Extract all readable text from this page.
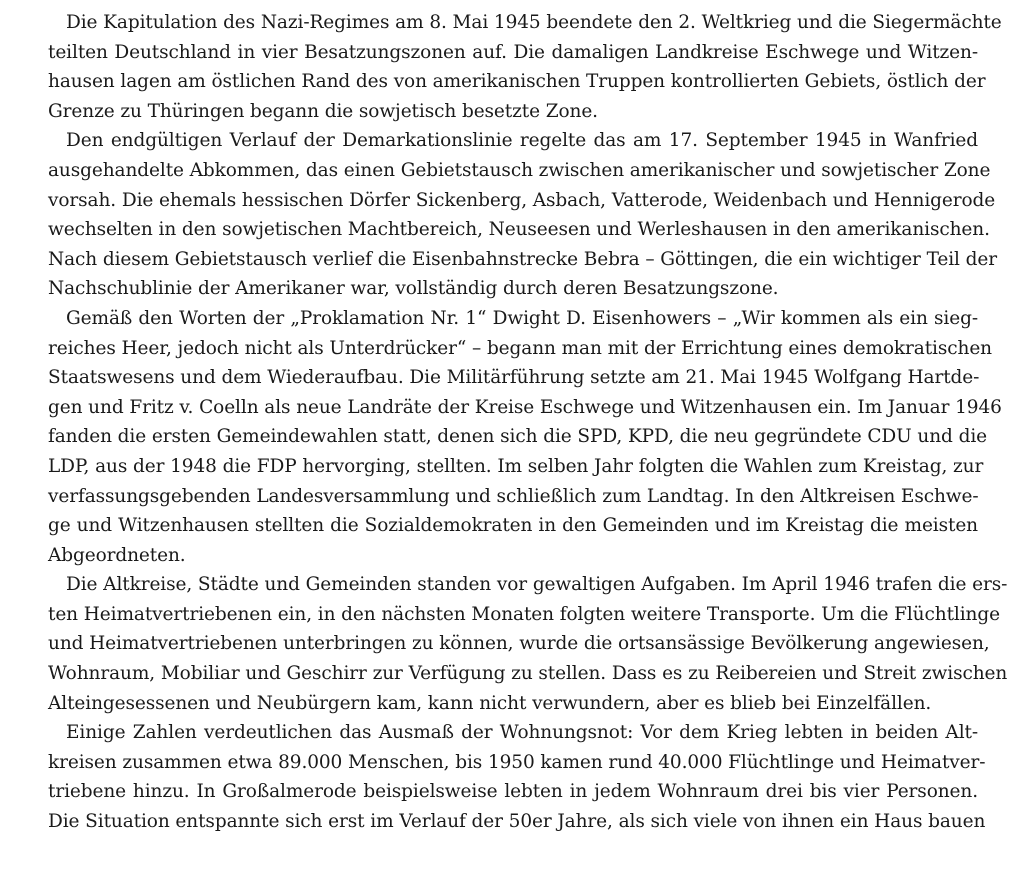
Die Kapitulation des Nazi-Regimes am 8. Mai 1945 beendete den 2. Weltkrieg und die Siegermächte
teilten Deutschland in vier Besatzungszonen auf. Die damaligen Landkreise Eschwege und Witzen-
hausen lagen am östlichen Rand des von amerikanischen Truppen kontrollierten Gebiets, östlich der
Grenze zu Thüringen begann die sowjetisch besetzte Zone.
Den endgültigen Verlauf der Demarkationslinie regelte das am 17. September 1945 in Wanfried
ausgehandelte Abkommen, das einen Gebietstausch zwischen amerikanischer und sowjetischer Zone
vorsah. Die ehemals hessischen Dörfer Sickenberg, Asbach, Vatterode, Weidenbach und Hennigerode
wechselten in den sowjetischen Machtbereich, Neuseesen und Werleshausen in den amerikanischen.
Nach diesem Gebietstausch verlief die Eisenbahnstrecke Bebra – Göttingen, die ein wichtiger Teil der
Nachschublinie der Amerikaner war, vollständig durch deren Besatzungszone.
Gemäß den Worten der „Proklamation Nr. 1“ Dwight D. Eisenhowers – „Wir kommen als ein sieg-
reiches Heer, jedoch nicht als Unterdrücker“ – begann man mit der Errichtung eines demokratischen
Staatswesens und dem Wiederaufbau. Die Militärführung setzte am 21. Mai 1945 Wolfgang Hartde-
gen und Fritz v. Coelln als neue Landräte der Kreise Eschwege und Witzenhausen ein. Im Januar 1946
fanden die ersten Gemeindewahlen statt, denen sich die SPD, KPD, die neu gegründete CDU und die
LDP, aus der 1948 die FDP hervorging, stellten. Im selben Jahr folgten die Wahlen zum Kreistag, zur
verfassungsgebenden Landesversammlung und schließlich zum Landtag. In den Altkreisen Eschwe-
ge und Witzenhausen stellten die Sozialdemokraten in den Gemeinden und im Kreistag die meisten
Abgeordneten.
Die Altkreise, Städte und Gemeinden standen vor gewaltigen Aufgaben. Im April 1946 trafen die ers-
ten Heimatvertriebenen ein, in den nächsten Monaten folgten weitere Transporte. Um die Flüchtlinge
und Heimatvertriebenen unterbringen zu können, wurde die ortsansässige Bevölkerung angewiesen,
Wohnraum, Mobiliar und Geschirr zur Verfügung zu stellen. Dass es zu Reibereien und Streit zwischen
Alteingesessenen und Neubürgern kam, kann nicht verwundern, aber es blieb bei Einzelfällen.
Einige Zahlen verdeutlichen das Ausmaß der Wohnungsnot: Vor dem Krieg lebten in beiden Alt-
kreisen zusammen etwa 89.000 Menschen, bis 1950 kamen rund 40.000 Flüchtlinge und Heimatver-
triebene hinzu. In Großalmerode beispielsweise lebten in jedem Wohnraum drei bis vier Personen.
Die Situation entspannte sich erst im Verlauf der 50er Jahre, als sich viele von ihnen ein Haus bauen
